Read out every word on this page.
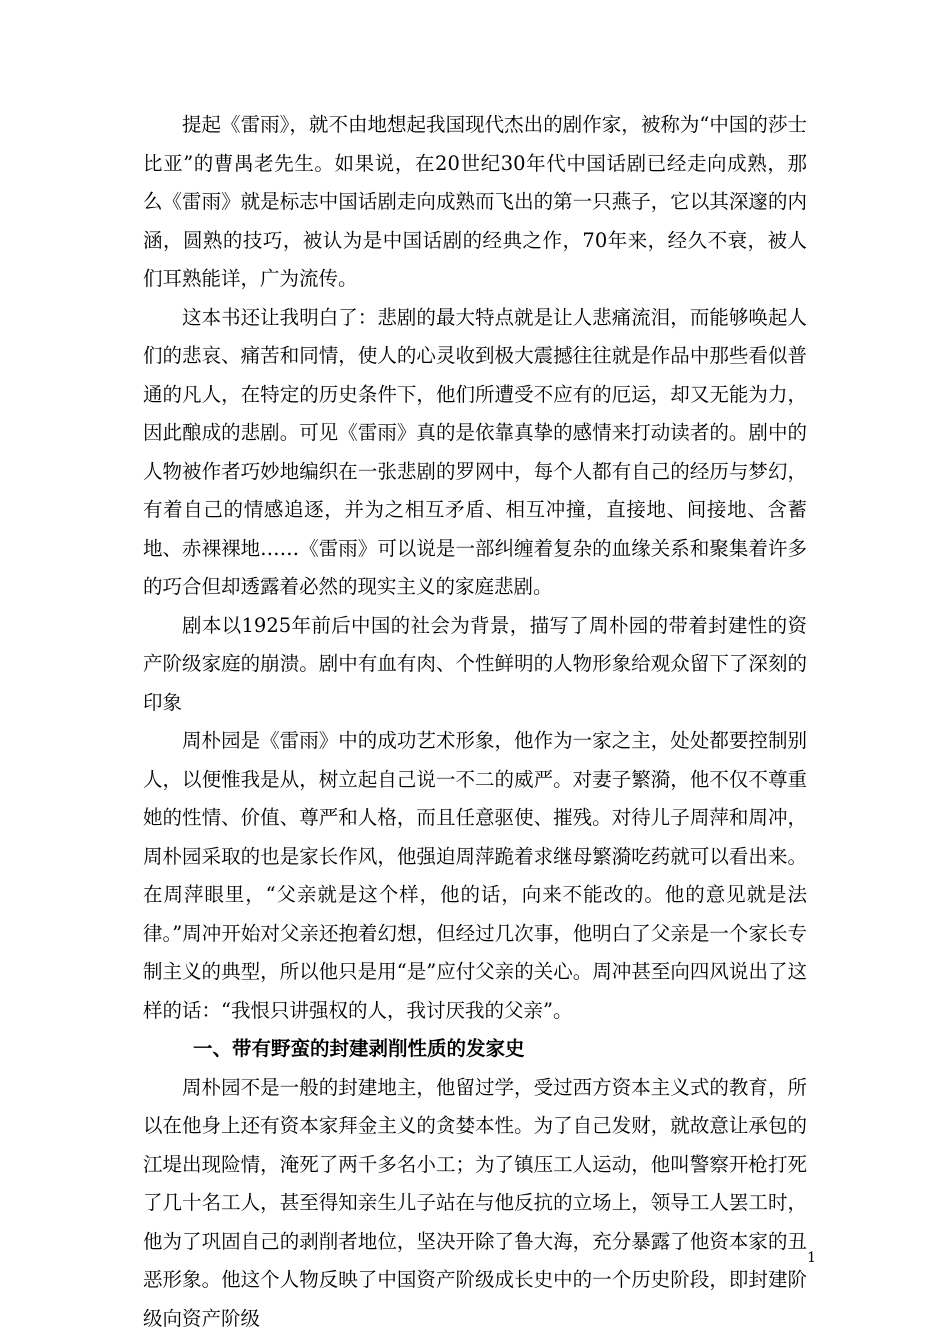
提起《雷雨》，就不由地想起我国现代杰出的剧作家，被称为“中国的莎士比亚”的曹禺老先生。如果说，在20世纪30年代中国话剧已经走向成熟，那么《雷雨》就是标志中国话剧走向成熟而飞出的第一只燕子，它以其深邃的内涵，圆熟的技巧，被认为是中国话剧的经典之作，70年来，经久不衰，被人们耳熟能详，广为流传。

这本书还让我明白了：悲剧的最大特点就是让人悲痛流泪，而能够唤起人们的悲哀、痛苦和同情，使人的心灵收到极大震撼往往就是作品中那些看似普通的凡人，在特定的历史条件下，他们所遭受不应有的厄运，却又无能为力，因此酿成的悲剧。可见《雷雨》真的是依靠真挚的感情来打动读者的。剧中的人物被作者巧妙地编织在一张悲剧的罗网中，每个人都有自己的经历与梦幻，有着自己的情感追逐，并为之相互矛盾、相互冲撞，直接地、间接地、含蓄地、赤裸裸地……《雷雨》可以说是一部纠缠着复杂的血缘关系和聚集着许多的巧合但却透露着必然的现实主义的家庭悲剧。

剧本以1925年前后中国的社会为背景，描写了周朴园的带着封建性的资产阶级家庭的崩溃。剧中有血有肉、个性鲜明的人物形象给观众留下了深刻的印象

周朴园是《雷雨》中的成功艺术形象，他作为一家之主，处处都要控制别人，以便惟我是从，树立起自己说一不二的威严。对妻子繁漪，他不仅不尊重她的性情、价值、尊严和人格，而且任意驱使、摧残。对待儿子周萍和周冲，周朴园采取的也是家长作风，他强迫周萍跪着求继母繁漪吃药就可以看出来。在周萍眼里，“父亲就是这个样，他的话，向来不能改的。他的意见就是法律。”周冲开始对父亲还抱着幻想，但经过几次事，他明白了父亲是一个家长专制主义的典型，所以他只是用“是”应付父亲的关心。周冲甚至向四风说出了这样的话：“我恨只讲强权的人，我讨厌我的父亲”。

一、带有野蛮的封建剥削性质的发家史

周朴园不是一般的封建地主，他留过学，受过西方资本主义式的教育，所以在他身上还有资本家拜金主义的贪婪本性。为了自己发财，就故意让承包的江堤出现险情，淹死了两千多名小工；为了镇压工人运动，他叫警察开枪打死了几十名工人，甚至得知亲生儿子站在与他反抗的立场上，领导工人罢工时，他为了巩固自己的剥削者地位，坚决开除了鲁大海，充分暴露了他资本家的丑恶形象。他这个人物反映了中国资产阶级成长史中的一个历史阶段，即封建阶级向资产阶级

1
